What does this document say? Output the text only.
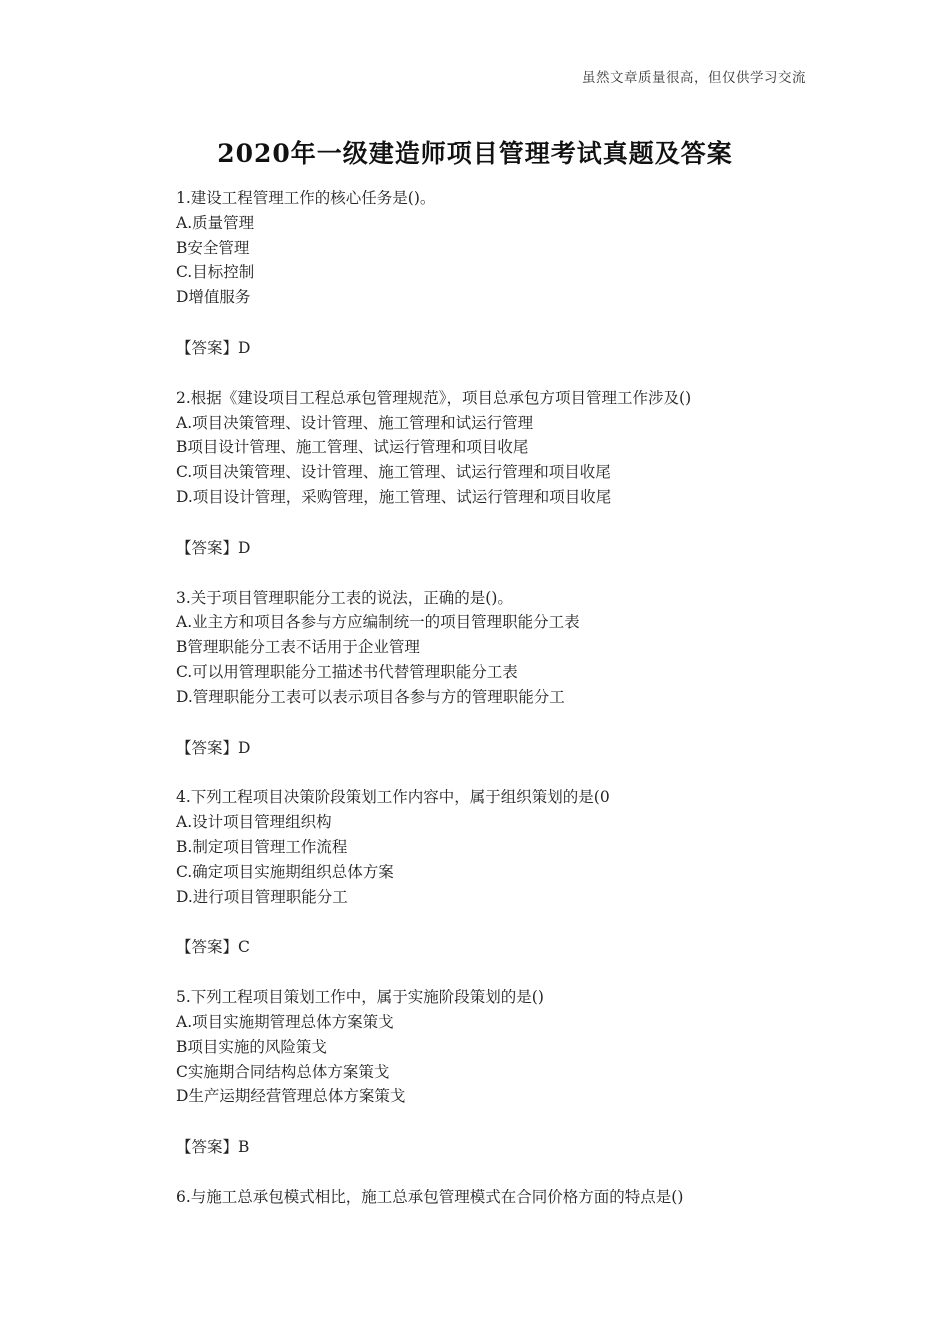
虽然文章质量很高，但仅供学习交流
2020年一级建造师项目管理考试真题及答案
1.建设工程管理工作的核心任务是()。
A.质量管理
B安全管理
C.目标控制
D增值服务
【答案】D
2.根据《建设项目工程总承包管理规范》，项目总承包方项目管理工作涉及()
A.项目决策管理、设计管理、施工管理和试运行管理
B项目设计管理、施工管理、试运行管理和项目收尾
C.项目决策管理、设计管理、施工管理、试运行管理和项目收尾
D.项目设计管理，采购管理，施工管理、试运行管理和项目收尾
【答案】D
3.关于项目管理职能分工表的说法，正确的是()。
A.业主方和项目各参与方应编制统一的项目管理职能分工表
B管理职能分工表不话用于企业管理
C.可以用管理职能分工描述书代替管理职能分工表
D.管理职能分工表可以表示项目各参与方的管理职能分工
【答案】D
4.下列工程项目决策阶段策划工作内容中，属于组织策划的是(0
A.设计项目管理组织构
B.制定项目管理工作流程
C.确定项目实施期组织总体方案
D.进行项目管理职能分工
【答案】C
5.下列工程项目策划工作中，属于实施阶段策划的是()
A.项目实施期管理总体方案策戈
B项目实施的风险策戈
C实施期合同结构总体方案策戈
D生产运期经营管理总体方案策戈
【答案】B
6.与施工总承包模式相比，施工总承包管理模式在合同价格方面的特点是()
